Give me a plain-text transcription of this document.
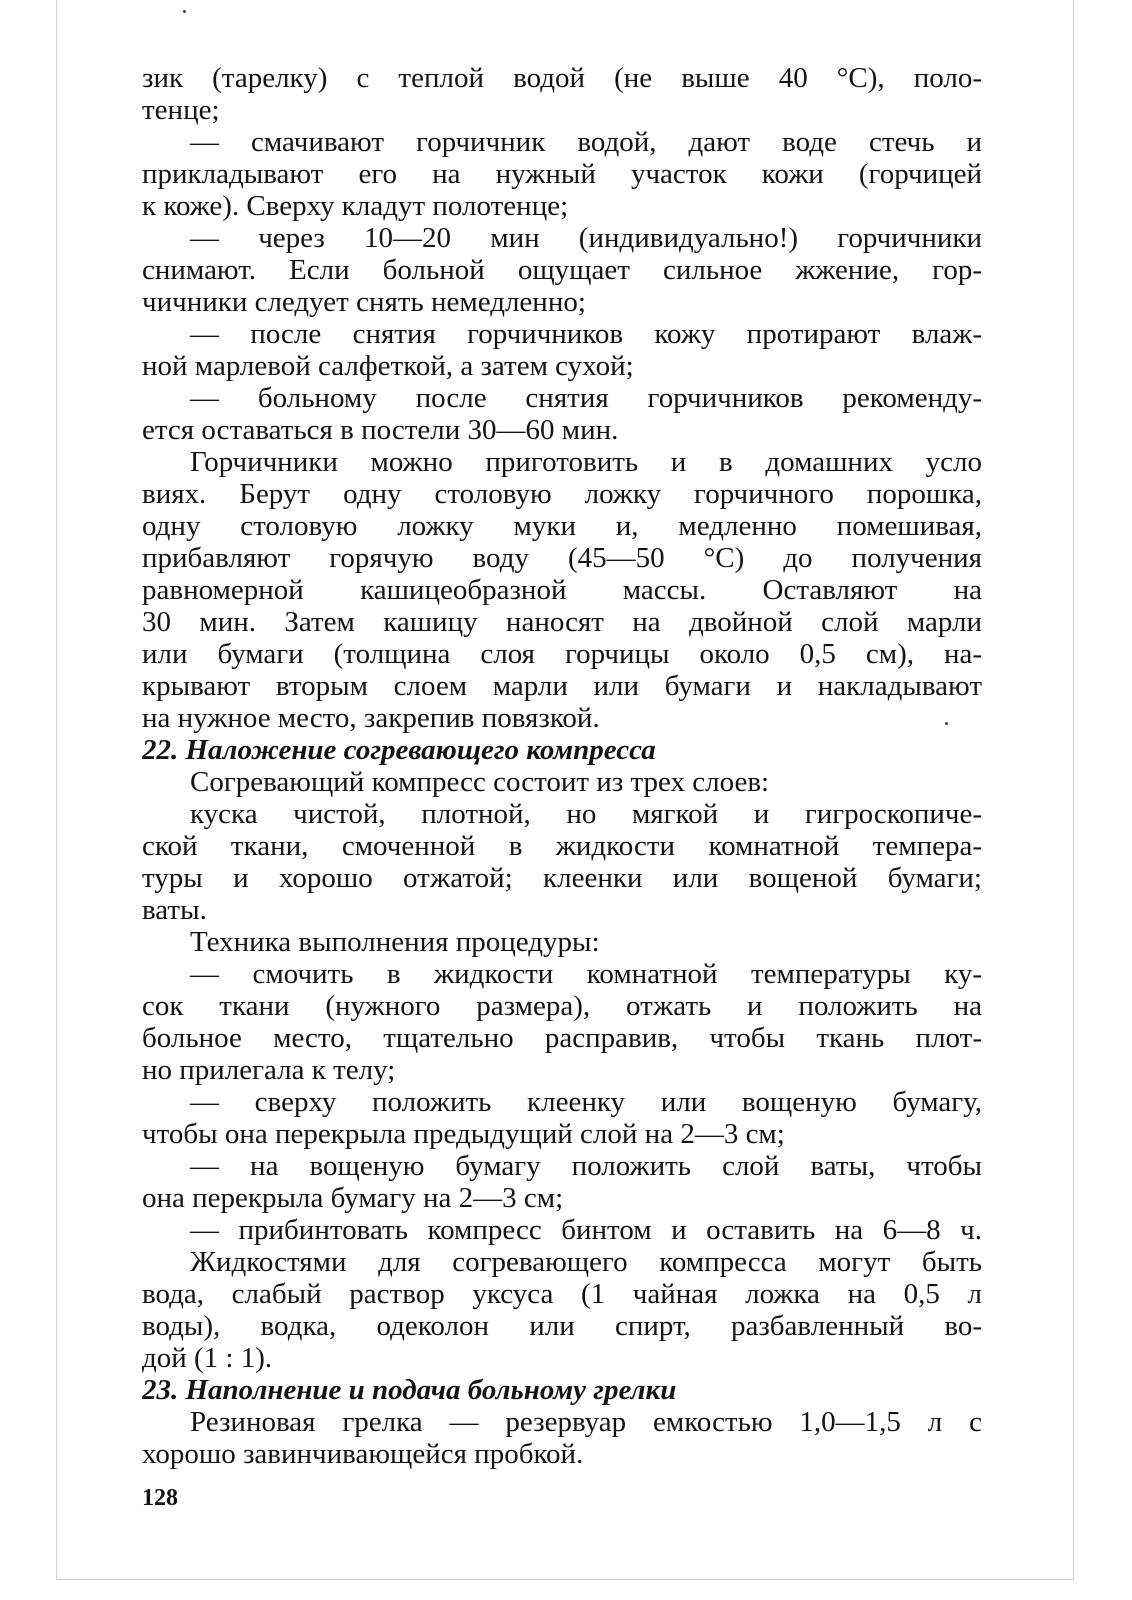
зик (тарелку) с теплой водой (не выше 40 °С), поло-
тенце;
— смачивают горчичник водой, дают воде стечь и
прикладывают его на нужный участок кожи (горчицей
к коже). Сверху кладут полотенце;
— через 10—20 мин (индивидуально!) горчичники
снимают. Если больной ощущает сильное жжение, гор-
чичники следует снять немедленно;
— после снятия горчичников кожу протирают влаж-
ной марлевой салфеткой, а затем сухой;
— больному после снятия горчичников рекоменду-
ется оставаться в постели 30—60 мин.
Горчичники можно приготовить и в домашних усло
виях. Берут одну столовую ложку горчичного порошка,
одну столовую ложку муки и, медленно помешивая,
прибавляют горячую воду (45—50 °С) до получения
равномерной кашицеобразной массы. Оставляют на
30 мин. Затем кашицу наносят на двойной слой марли
или бумаги (толщина слоя горчицы около 0,5 см), на-
крывают вторым слоем марли или бумаги и накладывают
на нужное место, закрепив повязкой.
22. Наложение согревающего компресса
Согревающий компресс состоит из трех слоев:
куска чистой, плотной, но мягкой и гигроскопиче-
ской ткани, смоченной в жидкости комнатной темпера-
туры и хорошо отжатой; клеенки или вощеной бумаги;
ваты.
Техника выполнения процедуры:
— смочить в жидкости комнатной температуры ку-
сок ткани (нужного размера), отжать и положить на
больное место, тщательно расправив, чтобы ткань плот-
но прилегала к телу;
— сверху положить клеенку или вощеную бумагу,
чтобы она перекрыла предыдущий слой на 2—3 см;
— на вощеную бумагу положить слой ваты, чтобы
она перекрыла бумагу на 2—3 см;
— прибинтовать компресс бинтом и оставить на 6—8 ч.
Жидкостями для согревающего компресса могут быть
вода, слабый раствор уксуса (1 чайная ложка на 0,5 л
воды), водка, одеколон или спирт, разбавленный во-
дой (1 : 1).
23. Наполнение и подача больному грелки
Резиновая грелка — резервуар емкостью 1,0—1,5 л с
хорошо завинчивающейся пробкой.
128
